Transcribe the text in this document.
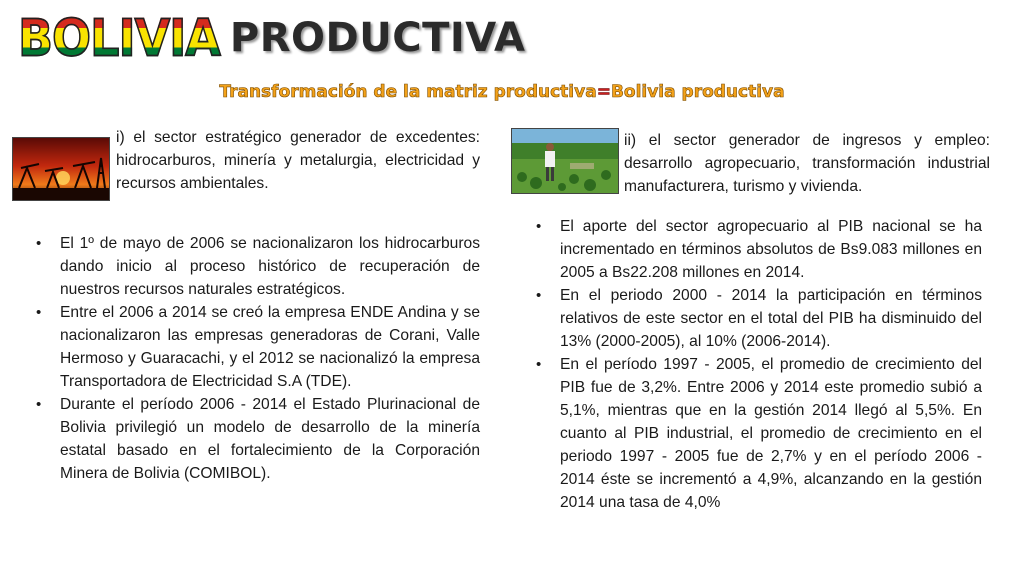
BOLIVIA PRODUCTIVA
Transformación de la matriz productiva=Bolivia productiva

i) el sector estratégico generador de excedentes: hidrocarburos, minería y metalurgia, electricidad y recursos ambientales.

• El 1º de mayo de 2006 se nacionalizaron los hidrocarburos dando inicio al proceso histórico de recuperación de nuestros recursos naturales estratégicos.
• Entre el 2006 a 2014 se creó la empresa ENDE Andina y se nacionalizaron las empresas generadoras de Corani, Valle Hermoso y Guaracachi, y el 2012 se nacionalizó la empresa Transportadora de Electricidad S.A (TDE).
• Durante el período 2006 - 2014 el Estado Plurinacional de Bolivia privilegió un modelo de desarrollo de la minería estatal basado en el fortalecimiento de la Corporación Minera de Bolivia (COMIBOL).

ii) el sector generador de ingresos y empleo: desarrollo agropecuario, transformación industrial manufacturera, turismo y vivienda.

• El aporte del sector agropecuario al PIB nacional se ha incrementado en términos absolutos de Bs9.083 millones en 2005 a Bs22.208 millones en 2014.
• En el periodo 2000 - 2014 la participación en términos relativos de este sector en el total del PIB ha disminuido del 13% (2000-2005), al 10% (2006-2014).
• En el período 1997 - 2005, el promedio de crecimiento del PIB fue de 3,2%. Entre 2006 y 2014 este promedio subió a 5,1%, mientras que en la gestión 2014 llegó al 5,5%. En cuanto al PIB industrial, el promedio de crecimiento en el periodo 1997 - 2005 fue de 2,7% y en el período 2006 - 2014 éste se incrementó a 4,9%, alcanzando en la gestión 2014 una tasa de 4,0%
